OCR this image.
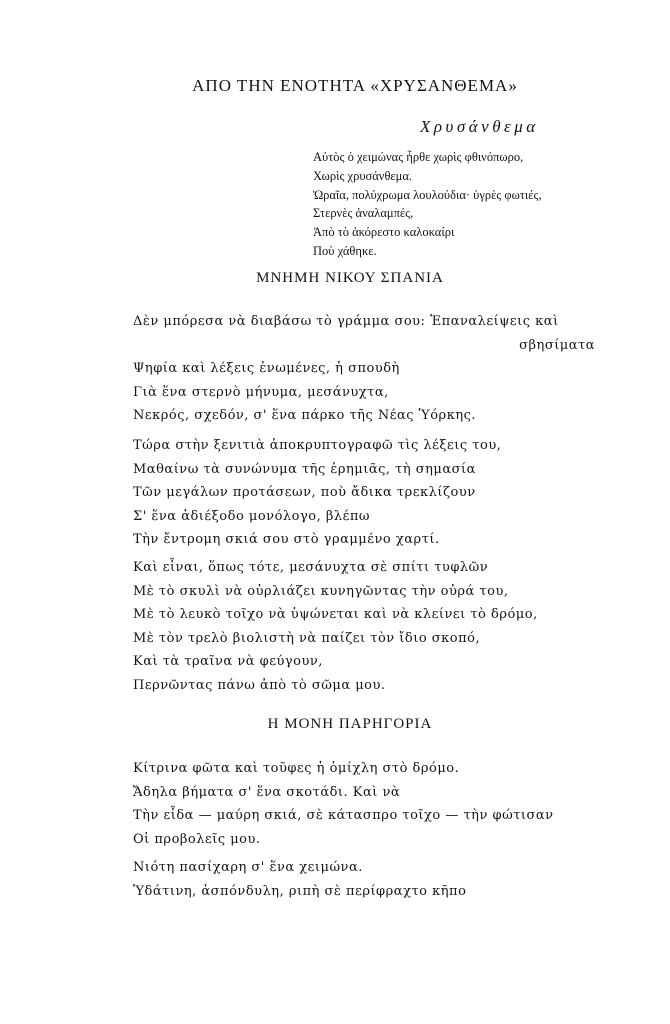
ΑΠΟ ΤΗΝ ΕΝΟΤΗΤΑ «ΧΡΥΣΑΝΘΕΜΑ»
Χρυσάνθεμα
Αὐτὸς ὁ χειμώνας ἦρθε χωρὶς φθινόπωρο,
Χωρὶς χρυσάνθεμα.
Ὡραῖα, πολύχρωμα λουλούδια· ὑγρὲς φωτιές,
Στερνὲς ἀναλαμπές,
Ἀπὸ τὸ ἀκόρεστο καλοκαίρι
Ποὺ χάθηκε.
ΜΝΗΜΗ ΝΙΚΟΥ ΣΠΑΝΙΑ
Δὲν μπόρεσα νὰ διαβάσω τὸ γράμμα σου: Ἐπαναλείψεις καὶ
σβησίματα
Ψηφία καὶ λέξεις ἑνωμένες, ἡ σπουδὴ
Γιὰ ἕνα στερνὸ μήνυμα, μεσάνυχτα,
Νεκρός, σχεδόν, σ' ἕνα πάρκο τῆς Νέας Ὑόρκης.
Τώρα στὴν ξενιτιὰ ἀποκρυπτογραφῶ τὶς λέξεις του,
Μαθαίνω τὰ συνώνυμα τῆς ἐρημιᾶς, τὴ σημασία
Τῶν μεγάλων προτάσεων, ποὺ ἄδικα τρεκλίζουν
Σ' ἕνα ἀδιέξοδο μονόλογο, βλέπω
Τὴν ἔντρομη σκιά σου στὸ γραμμένο χαρτί.
Καὶ εἶναι, ὅπως τότε, μεσάνυχτα σὲ σπίτι τυφλῶν
Μὲ τὸ σκυλὶ νὰ οὐρλιάζει κυνηγῶντας τὴν οὐρά του,
Μὲ τὸ λευκὸ τοῖχο νὰ ὑψώνεται καὶ νὰ κλείνει τὸ δρόμο,
Μὲ τὸν τρελὸ βιολιστὴ νὰ παίζει τὸν ἴδιο σκοπό,
Καὶ τὰ τραῖνα νὰ φεύγουν,
Περνῶντας πάνω ἀπὸ τὸ σῶμα μου.
Η ΜΟΝΗ ΠΑΡΗΓΟΡΙΑ
Κίτρινα φῶτα καὶ τοῦφες ἡ ὁμίχλη στὸ δρόμο.
Ἄδηλα βήματα σ' ἕνα σκοτάδι. Καὶ νὰ
Τὴν εἶδα — μαύρη σκιά, σὲ κάτασπρο τοῖχο — τὴν φώτισαν
Οἱ προβολεῖς μου.
Νιότη πασίχαρη σ' ἕνα χειμώνα.
Ὑδάτινη, ἀσπόνδυλη, ριπὴ σὲ περίφραχτο κῆπο
